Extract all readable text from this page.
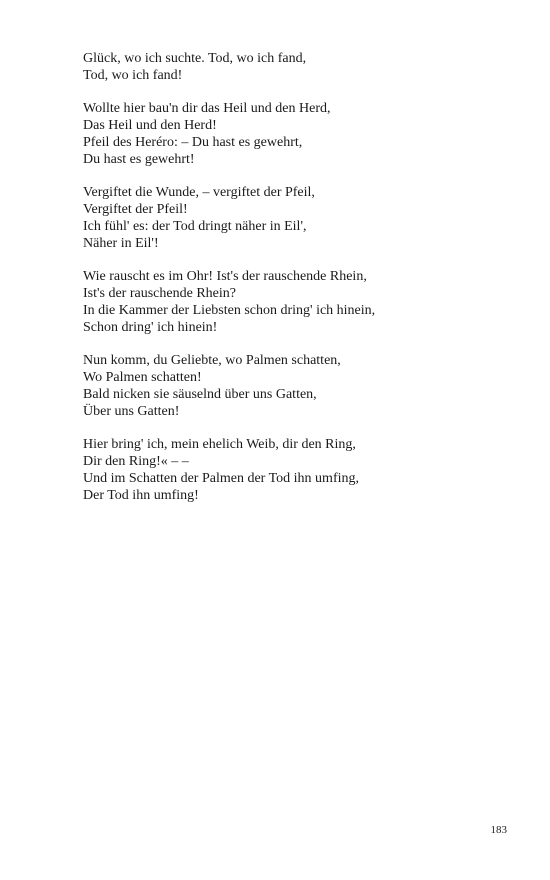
Glück, wo ich suchte. Tod, wo ich fand,
Tod, wo ich fand!
Wollte hier bau'n dir das Heil und den Herd,
Das Heil und den Herd!
Pfeil des Heréro: – Du hast es gewehrt,
Du hast es gewehrt!
Vergiftet die Wunde, – vergiftet der Pfeil,
Vergiftet der Pfeil!
Ich fühl' es: der Tod dringt näher in Eil',
Näher in Eil'!
Wie rauscht es im Ohr! Ist's der rauschende Rhein,
Ist's der rauschende Rhein?
In die Kammer der Liebsten schon dring' ich hinein,
Schon dring' ich hinein!
Nun komm, du Geliebte, wo Palmen schatten,
Wo Palmen schatten!
Bald nicken sie säuselnd über uns Gatten,
Über uns Gatten!
Hier bring' ich, mein ehelich Weib, dir den Ring,
Dir den Ring!« – –
Und im Schatten der Palmen der Tod ihn umfing,
Der Tod ihn umfing!
183
